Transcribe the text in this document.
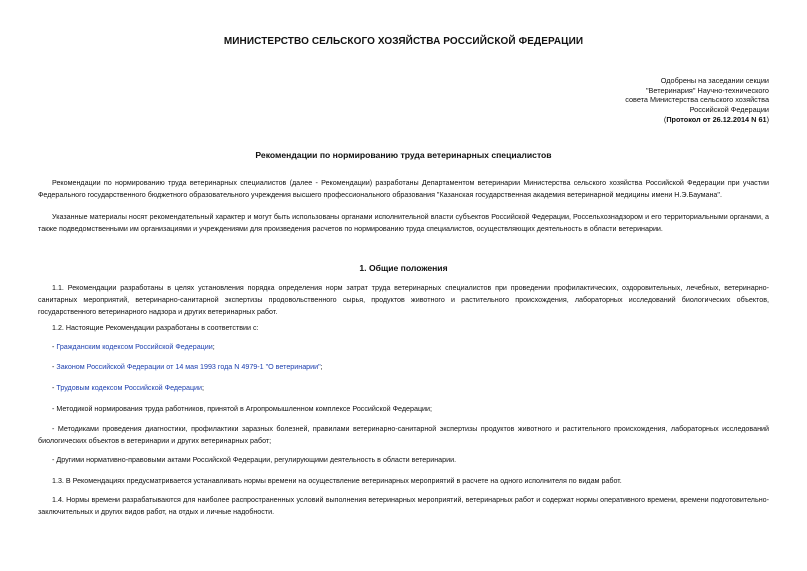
МИНИСТЕРСТВО СЕЛЬСКОГО ХОЗЯЙСТВА РОССИЙСКОЙ ФЕДЕРАЦИИ
Одобрены на заседании секции
"Ветеринария" Научно-технического
совета Министерства сельского хозяйства
Российской Федерации
(Протокол от 26.12.2014 N 61)
Рекомендации по нормированию труда ветеринарных специалистов

Рекомендации по нормированию труда ветеринарных специалистов (далее - Рекомендации) разработаны Департаментом ветеринарии Министерства сельского хозяйства Российской Федерации при участии Федерального государственного бюджетного образовательного учреждения высшего профессионального образования "Казанская государственная академия ветеринарной медицины имени Н.Э.Баумана".

Указанные материалы носят рекомендательный характер и могут быть использованы органами исполнительной власти субъектов Российской Федерации, Россельхознадзором и его территориальными органами, а также подведомственными им организациями и учреждениями для произведения расчетов по нормированию труда специалистов, осуществляющих деятельность в области ветеринарии.

1. Общие положения

1.1. Рекомендации разработаны в целях установления порядка определения норм затрат труда ветеринарных специалистов при проведении профилактических, оздоровительных, лечебных, ветеринарно-санитарных мероприятий, ветеринарно-санитарной экспертизы продовольственного сырья, продуктов животного и растительного происхождения, лабораторных исследований биологических объектов, государственного ветеринарного надзора и других ветеринарных работ.

1.2. Настоящие Рекомендации разработаны в соответствии с:

- Гражданским кодексом Российской Федерации;

- Законом Российской Федерации от 14 мая 1993 года N 4979-1 "О ветеринарии";

- Трудовым кодексом Российской Федерации;

- Методикой нормирования труда работников, принятой в Агропромышленном комплексе Российской Федерации;

- Методиками проведения диагностики, профилактики заразных болезней, правилами ветеринарно-санитарной экспертизы продуктов животного и растительного происхождения, лабораторных исследований биологических объектов в ветеринарии и других ветеринарных работ;

- Другими нормативно-правовыми актами Российской Федерации, регулирующими деятельность в области ветеринарии.

1.3. В Рекомендациях предусматривается устанавливать нормы времени на осуществление ветеринарных мероприятий в расчете на одного исполнителя по видам работ.

1.4. Нормы времени разрабатываются для наиболее распространенных условий выполнения ветеринарных мероприятий, ветеринарных работ и содержат нормы оперативного времени, времени подготовительно-заключительных и других видов работ, на отдых и личные надобности.
